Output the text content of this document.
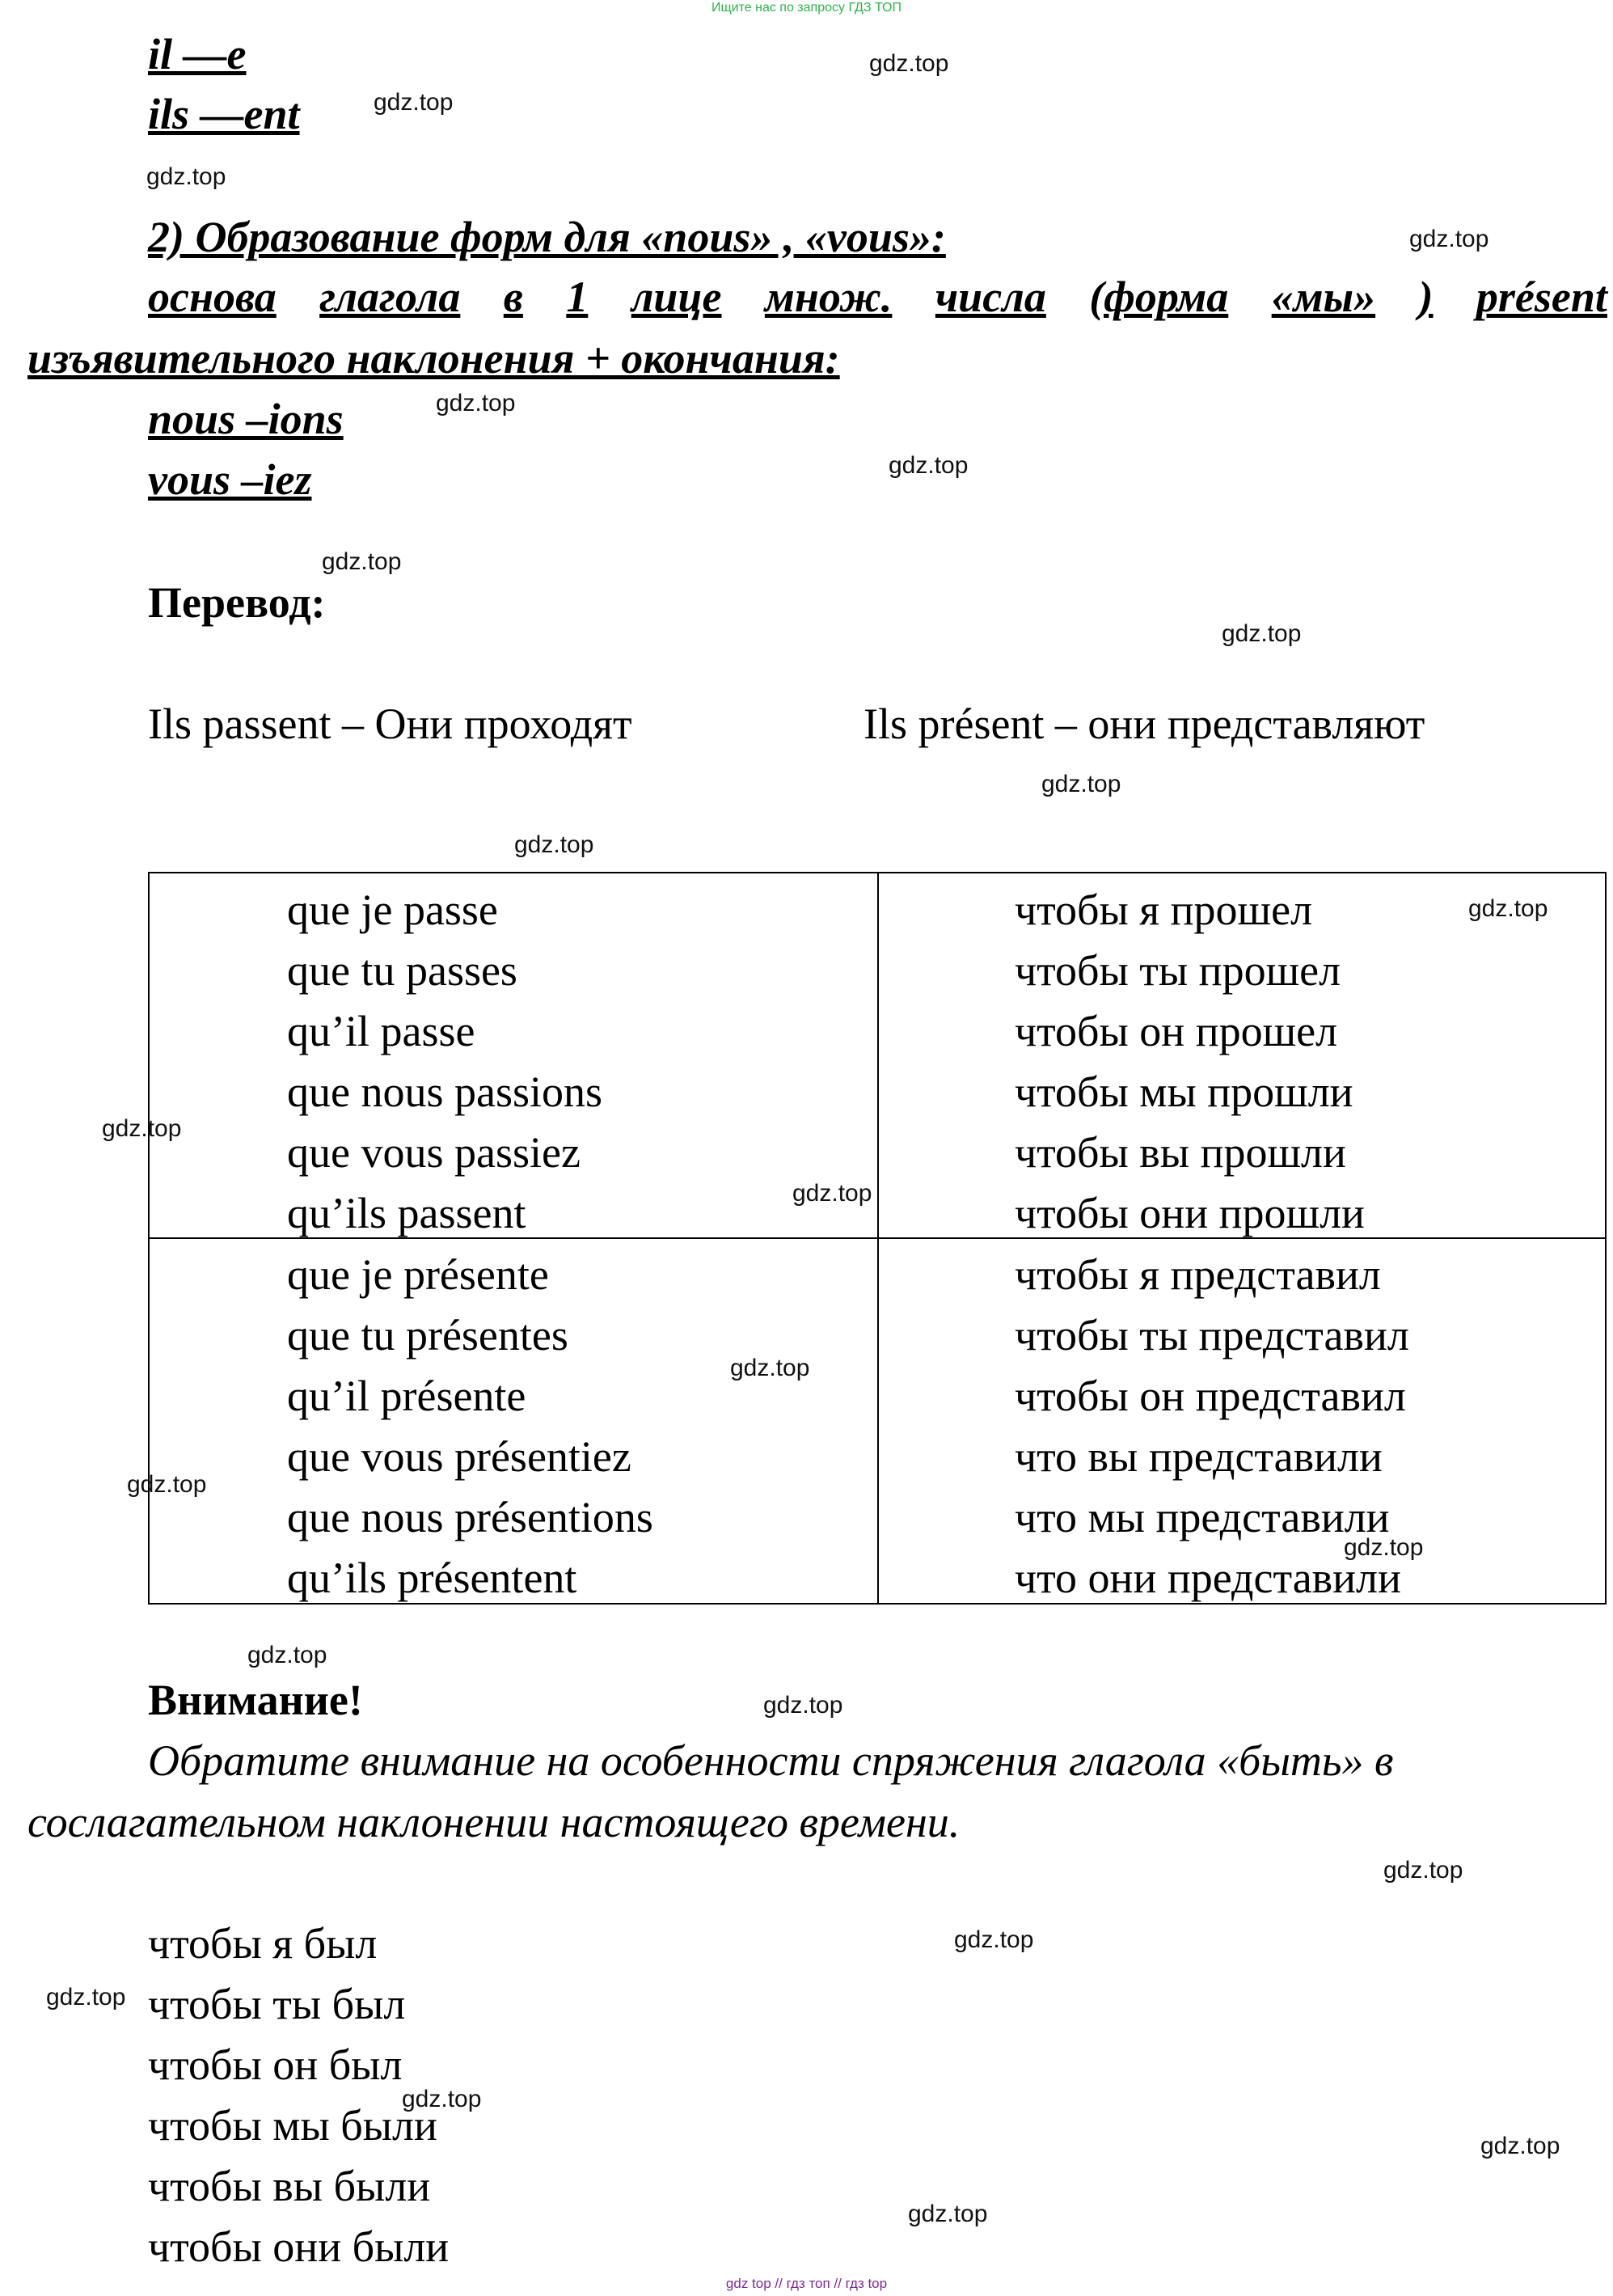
Ищите нас по запросу ГДЗ ТОП
il —e
ils —ent
2) Образование форм для «nous» , «vous»:
основа глагола в 1 лице множ. числа (форма «мы» ) présent
изъявительного наклонения + окончания:
nous –ions
vous –iez
Перевод:
Ils passent – Они проходят	Ils présent – они представляют
que je passe
que tu passes
qu’il passe
que nous passions
que vous passiez
qu’ils passent
чтобы я прошел
чтобы ты прошел
чтобы он прошел
чтобы мы прошли
чтобы вы прошли
чтобы они прошли
que je présente
que tu présentes
qu’il présente
que vous présentiez
que nous présentions
qu’ils présentent
чтобы я представил
чтобы ты представил
чтобы он представил
что вы представили
что мы представили
что они представили
Внимание!
Обратите внимание на особенности спряжения глагола «быть» в
сослагательном наклонении настоящего времени.
чтобы я был
чтобы ты был
чтобы он был
чтобы мы были
чтобы вы были
чтобы они были
gdz.top
gdz.top
gdz.top
gdz.top
gdz.top
gdz.top
gdz.top
gdz.top
gdz.top
gdz.top
gdz.top
gdz.top
gdz.top
gdz.top
gdz.top
gdz.top
gdz.top
gdz.top
gdz.top
gdz.top
gdz.top
gdz.top
gdz.top
gdz.top
gdz top // гдз топ // гдз top
